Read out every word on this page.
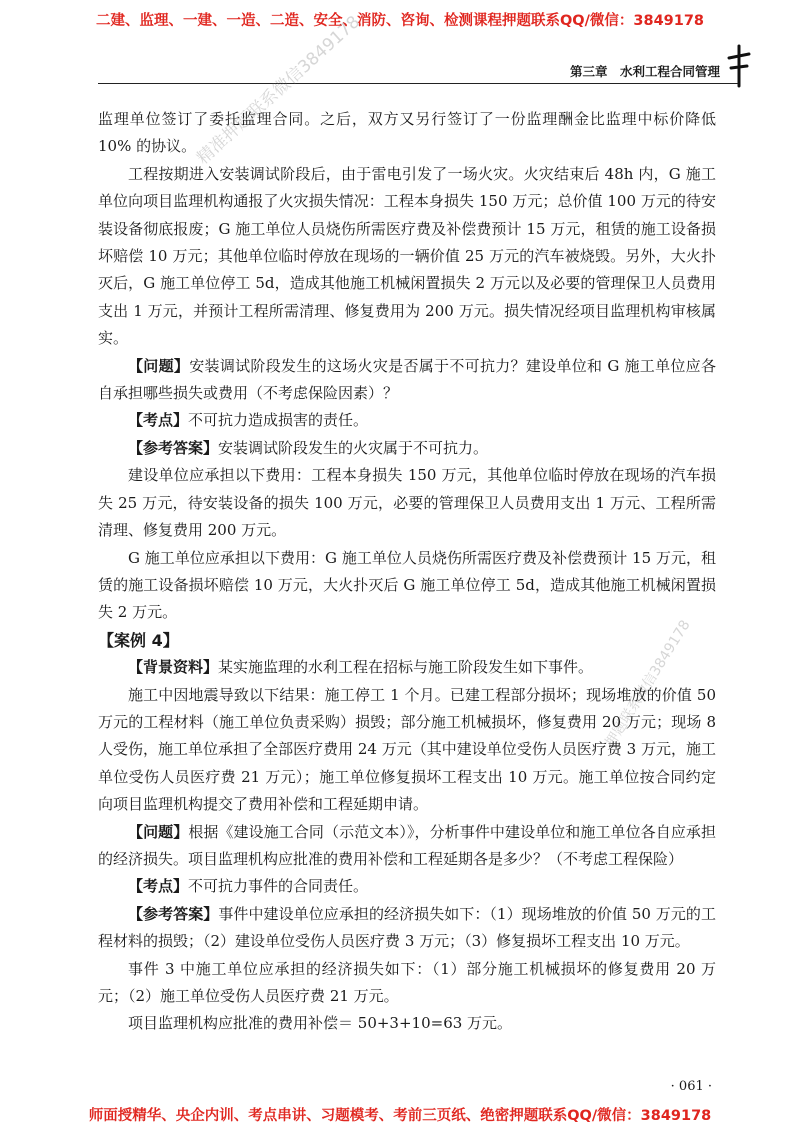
二建、监理、一建、一造、二造、安全、消防、咨询、检测课程押题联系QQ/微信：3849178
第三章　水利工程合同管理
精准押题联系微信3849178
押题联系微信3849178

监理单位签订了委托监理合同。之后，双方又另行签订了一份监理酬金比监理中标价降低 10% 的协议。

工程按期进入安装调试阶段后，由于雷电引发了一场火灾。火灾结束后 48h 内，G 施工单位向项目监理机构通报了火灾损失情况：工程本身损失 150 万元；总价值 100 万元的待安装设备彻底报废；G 施工单位人员烧伤所需医疗费及补偿费预计 15 万元，租赁的施工设备损坏赔偿 10 万元；其他单位临时停放在现场的一辆价值 25 万元的汽车被烧毁。另外，大火扑灭后，G 施工单位停工 5d，造成其他施工机械闲置损失 2 万元以及必要的管理保卫人员费用支出 1 万元，并预计工程所需清理、修复费用为 200 万元。损失情况经项目监理机构审核属实。

【问题】安装调试阶段发生的这场火灾是否属于不可抗力？建设单位和 G 施工单位应各自承担哪些损失或费用（不考虑保险因素）？

【考点】不可抗力造成损害的责任。

【参考答案】安装调试阶段发生的火灾属于不可抗力。

建设单位应承担以下费用：工程本身损失 150 万元，其他单位临时停放在现场的汽车损失 25 万元，待安装设备的损失 100 万元，必要的管理保卫人员费用支出 1 万元、工程所需清理、修复费用 200 万元。

G 施工单位应承担以下费用：G 施工单位人员烧伤所需医疗费及补偿费预计 15 万元，租赁的施工设备损坏赔偿 10 万元，大火扑灭后 G 施工单位停工 5d，造成其他施工机械闲置损失 2 万元。

【案例 4】

【背景资料】某实施监理的水利工程在招标与施工阶段发生如下事件。

施工中因地震导致以下结果：施工停工 1 个月。已建工程部分损坏；现场堆放的价值 50 万元的工程材料（施工单位负责采购）损毁；部分施工机械损坏，修复费用 20 万元；现场 8 人受伤，施工单位承担了全部医疗费用 24 万元（其中建设单位受伤人员医疗费 3 万元，施工单位受伤人员医疗费 21 万元）；施工单位修复损坏工程支出 10 万元。施工单位按合同约定向项目监理机构提交了费用补偿和工程延期申请。

【问题】根据《建设施工合同（示范文本）》，分析事件中建设单位和施工单位各自应承担的经济损失。项目监理机构应批准的费用补偿和工程延期各是多少？（不考虑工程保险）

【考点】不可抗力事件的合同责任。

【参考答案】事件中建设单位应承担的经济损失如下：（1）现场堆放的价值 50 万元的工程材料的损毁；（2）建设单位受伤人员医疗费 3 万元；（3）修复损坏工程支出 10 万元。

事件 3 中施工单位应承担的经济损失如下：（1）部分施工机械损坏的修复费用 20 万元；（2）施工单位受伤人员医疗费 21 万元。

项目监理机构应批准的费用补偿＝ 50+3+10=63 万元。

· 061 ·
师面授精华、央企内训、考点串讲、习题模考、考前三页纸、绝密押题联系QQ/微信：3849178
